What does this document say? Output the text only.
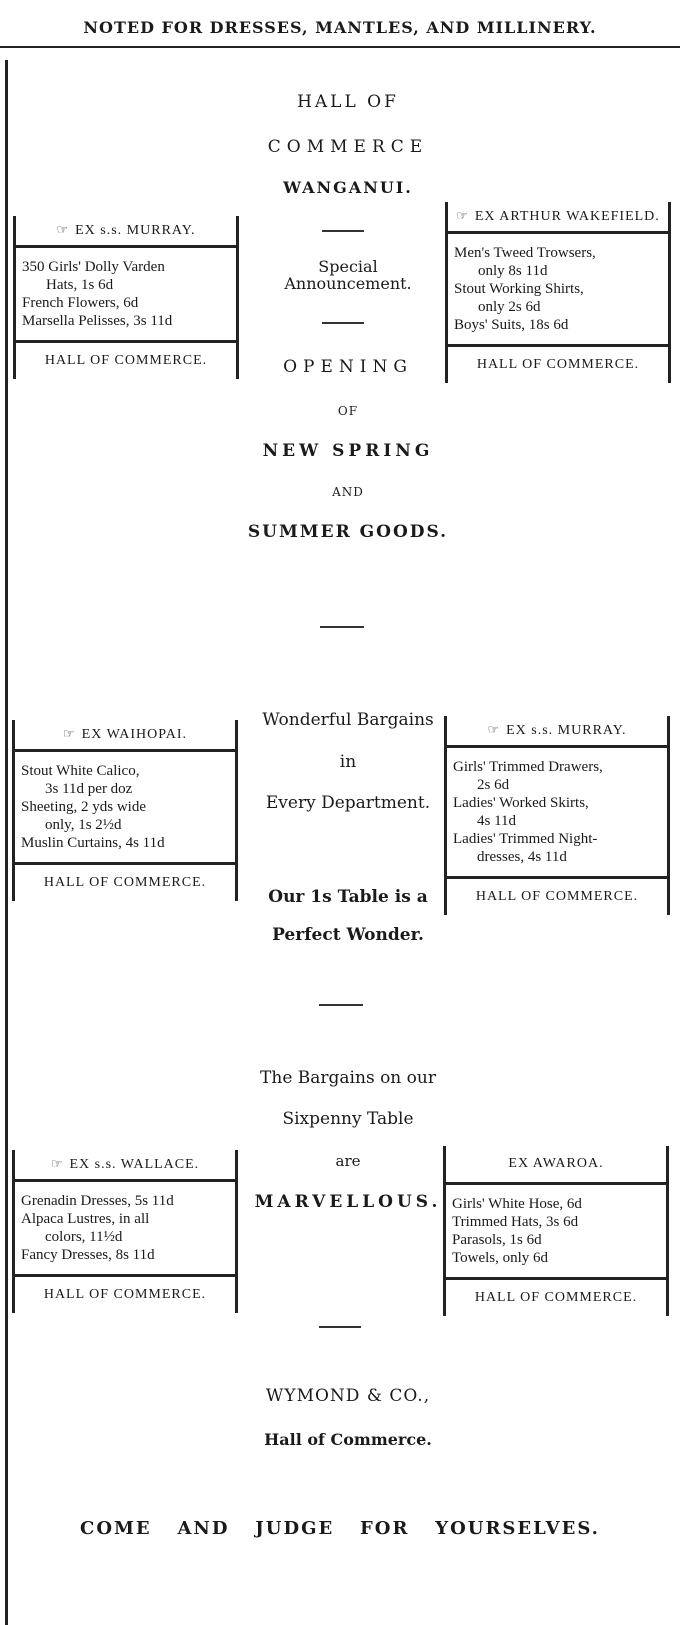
NOTED FOR DRESSES, MANTLES, AND MILLINERY.
HALL OF
COMMERCE
WANGANUI.
Special Announcement.
OPENING
OF
NEW SPRING
AND
SUMMER GOODS.
Wonderful Bargains
in
Every Department.
Our 1s Table is a
Perfect Wonder.
The Bargains on our
Sixpenny Table
are
MARVELLOUS.
WYMOND & CO.,
Hall of Commerce.
☞ EX s.s. MURRAY.
350 Girls' Dolly Varden
Hats, 1s 6d
French Flowers, 6d
Marsella Pelisses, 3s 11d
HALL OF COMMERCE.
☞ EX ARTHUR WAKEFIELD.
Men's Tweed Trowsers,
only 8s 11d
Stout Working Shirts,
only 2s 6d
Boys' Suits, 18s 6d
HALL OF COMMERCE.
☞ EX WAIHOPAI.
Stout White Calico,
3s 11d per doz
Sheeting, 2 yds wide
only, 1s 2½d
Muslin Curtains, 4s 11d
HALL OF COMMERCE.
☞ EX s.s. MURRAY.
Girls' Trimmed Drawers,
2s 6d
Ladies' Worked Skirts,
4s 11d
Ladies' Trimmed Night-
dresses, 4s 11d
HALL OF COMMERCE.
☞ EX s.s. WALLACE.
Grenadin Dresses, 5s 11d
Alpaca Lustres, in all
colors, 11½d
Fancy Dresses, 8s 11d
HALL OF COMMERCE.
EX AWAROA.
Girls' White Hose, 6d
Trimmed Hats, 3s 6d
Parasols, 1s 6d
Towels, only 6d
HALL OF COMMERCE.
COME AND JUDGE FOR YOURSELVES.
